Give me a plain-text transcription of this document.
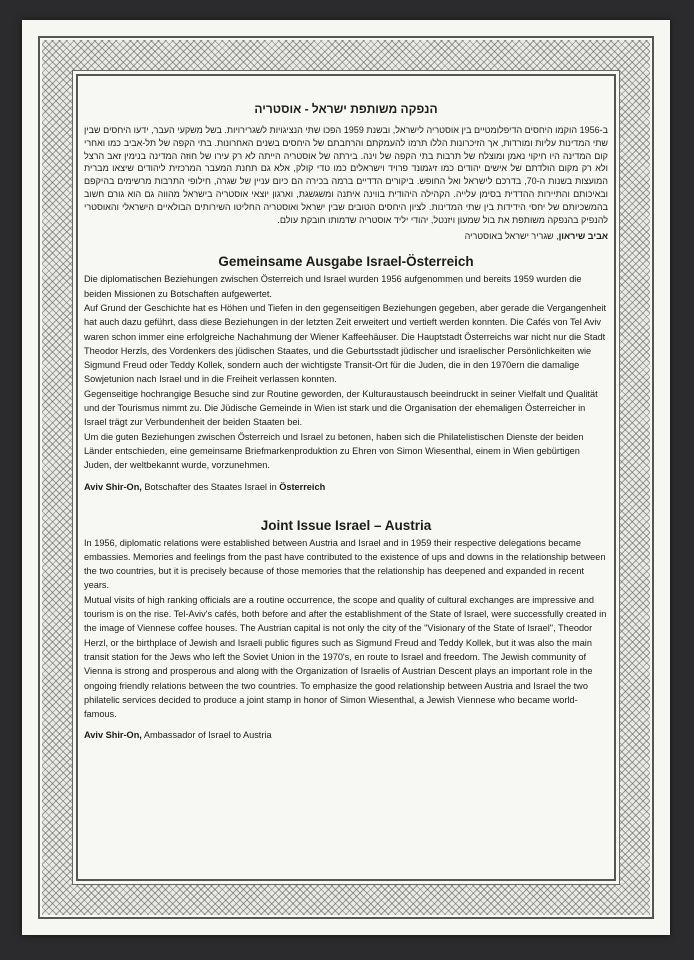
הנפקה משותפת ישראל - אוסטריה

ב-1956 הוקמו היחסים הדיפלומטיים בין אוסטריה לישראל, ובשנת 1959 הפכו שתי הנציגויות לשגרירויות. בשל משקעי העבר, ידעו היחסים שבין שתי המדינות עליות ומורדות, אך הזיכרונות הללו תרמו להעמקתם והרחבתם של היחסים בשנים האחרונות. בתי הקפה של תל-אביב כמו ואחרי קום המדינה היו חיקוי נאמן ומוצלח של תרבות בתי הקפה של וינה. בירתה של אוסטריה הייתה לא רק עירו של חוזה המדינה בנימין זאב הרצל ולא רק מקום הולדתם של אישים יהודים כמו זיגמונד פרויד וישראלים כמו טדי קולק, אלא גם תחנת המעבר המרכזית ליהודים שיצאו מברית המועצות בשנות ה-70, בדרכם לישראל ואל החופש. ביקורים הדדיים ברמה בכירה הם כיום עניין של שגרה, חילופי התרבות מרשימים בהיקפם ובאיכותם והתיירות ההדדית בסימן עלייה. הקהילה היהודית בווינה איתנה ומשגשגת, וארגון יוצאי אוסטריה בישראל מהווה גם הוא גורם חשוב בהמשכיותם של יחסי הידידות בין שתי המדינות. לציון היחסים הטובים שבין ישראל ואוסטריה החליטו השירותים הבולאיים הישראלי והאוסטרי להנפיק בהנפקה משותפת את בול שמעון ויזנטל, יהודי יליד אוסטריה שדמותו חובקת עולם.

אביב שיראון, שגריר ישראל באוסטריה

Gemeinsame Ausgabe Israel-Österreich

Die diplomatischen Beziehungen zwischen Österreich und Israel wurden 1956 aufgenommen und bereits 1959 wurden die beiden Missionen zu Botschaften aufgewertet.

Auf Grund der Geschichte hat es Höhen und Tiefen in den gegenseitigen Beziehungen gegeben, aber gerade die Vergangenheit hat auch dazu geführt, dass diese Beziehungen in der letzten Zeit erweitert und vertieft werden konnten. Die Cafés von Tel Aviv waren schon immer eine erfolgreiche Nachahmung der Wiener Kaffeehäuser. Die Hauptstadt Österreichs war nicht nur die Stadt Theodor Herzls, des Vordenkers des jüdischen Staates, und die Geburtsstadt jüdischer und israelischer Persönlichkeiten wie Sigmund Freud oder Teddy Kollek, sondern auch der wichtigste Transit-Ort für die Juden, die in den 1970ern die damalige Sowjetunion nach Israel und in die Freiheit verlassen konnten.

Gegenseitige hochrangige Besuche sind zur Routine geworden, der Kulturaustausch beeindruckt in seiner Vielfalt und Qualität und der Tourismus nimmt zu. Die Jüdische Gemeinde in Wien ist stark und die Organisation der ehemaligen Österreicher in Israel trägt zur Verbundenheit der beiden Staaten bei.

Um die guten Beziehungen zwischen Österreich und Israel zu betonen, haben sich die Philatelistischen Dienste der beiden Länder entschieden, eine gemeinsame Briefmarkenproduktion zu Ehren von Simon Wiesenthal, einem in Wien gebürtigen Juden, der weltbekannt wurde, vorzunehmen.

Aviv Shir-On, Botschafter des Staates Israel in Österreich

Joint Issue Israel – Austria

In 1956, diplomatic relations were established between Austria and Israel and in 1959 their respective delegations became embassies. Memories and feelings from the past have contributed to the existence of ups and downs in the relationship between the two countries, but it is precisely because of those memories that the relationship has deepened and expanded in recent years.

Mutual visits of high ranking officials are a routine occurrence, the scope and quality of cultural exchanges are impressive and tourism is on the rise. Tel-Aviv's cafés, both before and after the establishment of the State of Israel, were successfully created in the image of Viennese coffee houses. The Austrian capital is not only the city of the "Visionary of the State of Israel", Theodor Herzl, or the birthplace of Jewish and Israeli public figures such as Sigmund Freud and Teddy Kollek, but it was also the main transit station for the Jews who left the Soviet Union in the 1970's, en route to Israel and freedom. The Jewish community of Vienna is strong and prosperous and along with the Organization of Israelis of Austrian Descent plays an important role in the ongoing friendly relations between the two countries. To emphasize the good relationship between Austria and Israel the two philatelic services decided to produce a joint stamp in honor of Simon Wiesenthal, a Jewish Viennese who became world-famous.

Aviv Shir-On, Ambassador of Israel to Austria
